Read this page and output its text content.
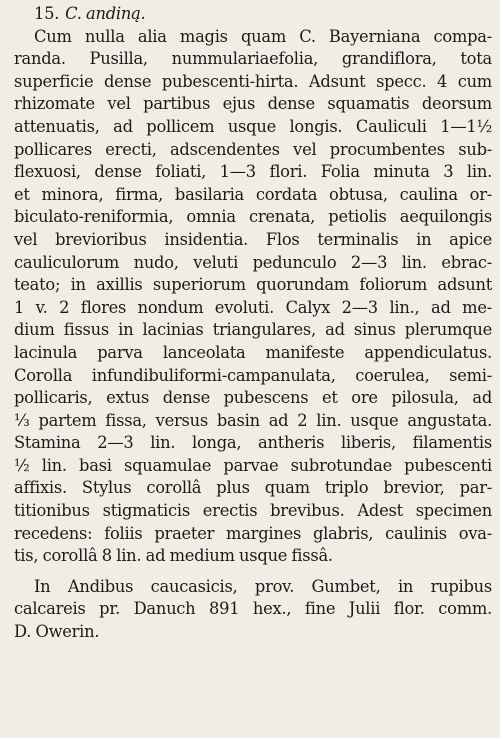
15. C. andiną.
Cum nulla alia magis quam C. Bayerniana compa-
randa. Pusilla, nummulariaefolia, grandiflora, tota
superficie dense pubescenti-hirta. Adsunt specc. 4 cum
rhizomate vel partibus ejus dense squamatis deorsum
attenuatis, ad pollicem usque longis. Cauliculi 1—1½
pollicares erecti, adscendentes vel procumbentes sub-
flexuosi, dense foliati, 1—3 flori. Folia minuta 3 lin.
et minora, firma, basilaria cordata obtusa, caulina or-
biculato-reniformia, omnia crenata, petiolis aequilongis
vel brevioribus insidentia. Flos terminalis in apice
cauliculorum nudo, veluti pedunculo 2—3 lin. ebrac-
teato; in axillis superiorum quorundam foliorum adsunt
1 v. 2 flores nondum evoluti. Calyx 2—3 lin., ad me-
dium fissus in lacinias triangulares, ad sinus plerumque
lacinula parva lanceolata manifeste appendiculatus.
Corolla infundibuliformi-campanulata, coerulea, semi-
pollicaris, extus dense pubescens et ore pilosula, ad
⅓ partem fissa, versus basin ad 2 lin. usque angustata.
Stamina 2—3 lin. longa, antheris liberis, filamentis
½ lin. basi squamulae parvae subrotundae pubescenti
affixis. Stylus corollâ plus quam triplo brevior, par-
titionibus stigmaticis erectis brevibus. Adest specimen
recedens: foliis praeter margines glabris, caulinis ova-
tis, corollâ 8 lin. ad medium usque fissâ.
In Andibus caucasicis, prov. Gumbet, in rupibus
calcareis pr. Danuch 891 hex., fine Julii flor. comm.
D. Owerin.
